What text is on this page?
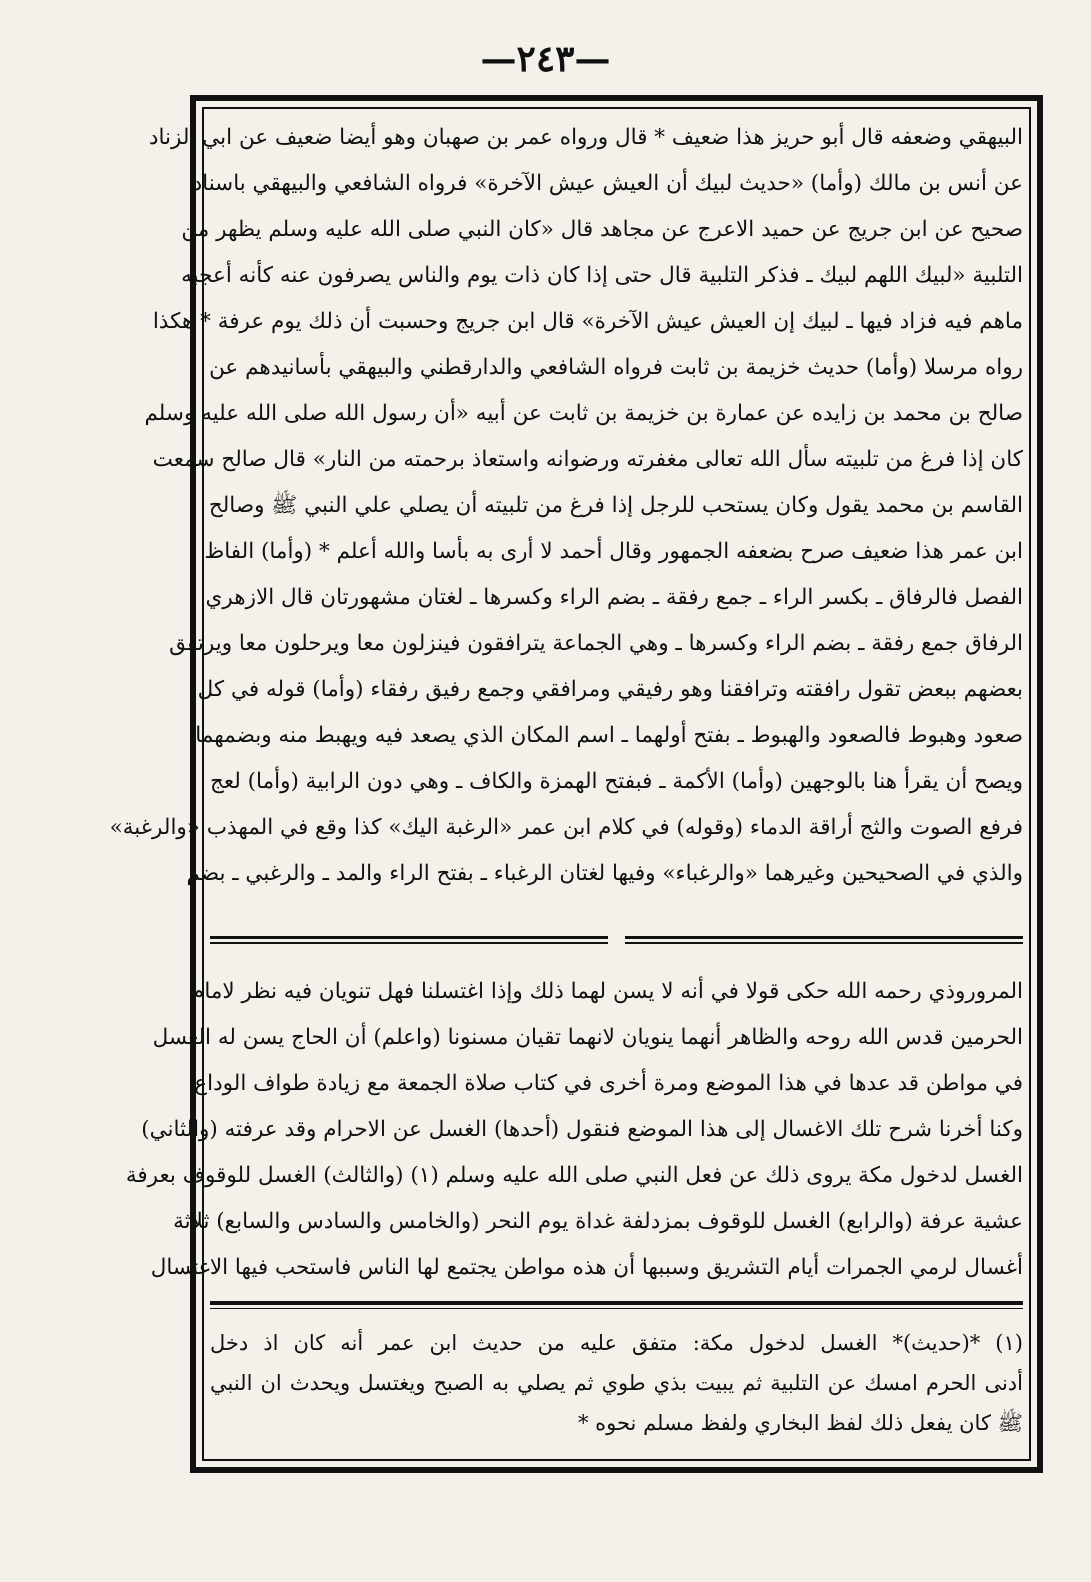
—٢٤٣—
البيهقي وضعفه قال أبو حريز هذا ضعيف * قال ورواه عمر بن صهبان وهو أيضا ضعيف عن ابي الزناد
عن أنس بن مالك (وأما) «حديث لبيك أن العيش عيش الآخرة» فرواه الشافعي والبيهقي باسناد
صحيح عن ابن جريج عن حميد الاعرج عن مجاهد قال «كان النبي صلى الله عليه وسلم يظهر من
التلبية «لبيك اللهم لبيك ـ فذكر التلبية قال حتى إذا كان ذات يوم والناس يصرفون عنه كأنه أعجبه
ماهم فيه فزاد فيها ـ لبيك إن العيش عيش الآخرة» قال ابن جريج وحسبت أن ذلك يوم عرفة * هكذا
رواه مرسلا (وأما) حديث خزيمة بن ثابت فرواه الشافعي والدارقطني والبيهقي بأسانيدهم عن
صالح بن محمد بن زايده عن عمارة بن خزيمة بن ثابت عن أبيه «أن رسول الله صلى الله عليه وسلم
كان إذا فرغ من تلبيته سأل الله تعالى مغفرته ورضوانه واستعاذ برحمته من النار» قال صالح سمعت
القاسم بن محمد يقول وكان يستحب للرجل إذا فرغ من تلبيته أن يصلي علي النبي ﷺ وصالح
ابن عمر هذا ضعيف صرح بضعفه الجمهور وقال أحمد لا أرى به بأسا والله أعلم * (وأما) الفاظ
الفصل فالرفاق ـ بكسر الراء ـ جمع رفقة ـ بضم الراء وكسرها ـ لغتان مشهورتان قال الازهري
الرفاق جمع رفقة ـ بضم الراء وكسرها ـ وهي الجماعة يترافقون فينزلون معا ويرحلون معا ويرتفق
بعضهم ببعض تقول رافقته وترافقنا وهو رفيقي ومرافقي وجمع رفيق رفقاء (وأما) قوله في كل
صعود وهبوط فالصعود والهبوط ـ بفتح أولهما ـ اسم المكان الذي يصعد فيه ويهبط منه وبضمهما
ويصح أن يقرأ هنا بالوجهين (وأما) الأكمة ـ فبفتح الهمزة والكاف ـ وهي دون الرابية (وأما) لعج
فرفع الصوت والثج أراقة الدماء (وقوله) في كلام ابن عمر «الرغبة اليك» كذا وقع في المهذب «والرغبة»
والذي في الصحيحين وغيرهما «والرغباء» وفيها لغتان الرغباء ـ بفتح الراء والمد ـ والرغبي ـ بضم
المروروذي رحمه الله حكى قولا في أنه لا يسن لهما ذلك وإذا اغتسلنا فهل تنويان فيه نظر لامام
الحرمين قدس الله روحه والظاهر أنهما ينويان لانهما تقيان مسنونا (واعلم) أن الحاج يسن له الغسل
في مواطن قد عدها في هذا الموضع ومرة أخرى في كتاب صلاة الجمعة مع زيادة طواف الوداع
وكنا أخرنا شرح تلك الاغسال إلى هذا الموضع فنقول (أحدها) الغسل عن الاحرام وقد عرفته (والثاني)
الغسل لدخول مكة يروى ذلك عن فعل النبي صلى الله عليه وسلم (١) (والثالث) الغسل للوقوف بعرفة
عشية عرفة (والرابع) الغسل للوقوف بمزدلفة غداة يوم النحر (والخامس والسادس والسابع) ثلاثة
أغسال لرمي الجمرات أيام التشريق وسببها أن هذه مواطن يجتمع لها الناس فاستحب فيها الاغتسال
(١) *(حديث)* الغسل لدخول مكة: متفق عليه من حديث ابن عمر أنه كان اذ دخل
أدنى الحرم امسك عن التلبية ثم يبيت بذي طوي ثم يصلي به الصبح ويغتسل ويحدث ان النبي
ﷺ كان يفعل ذلك لفظ البخاري ولفظ مسلم نحوه *
